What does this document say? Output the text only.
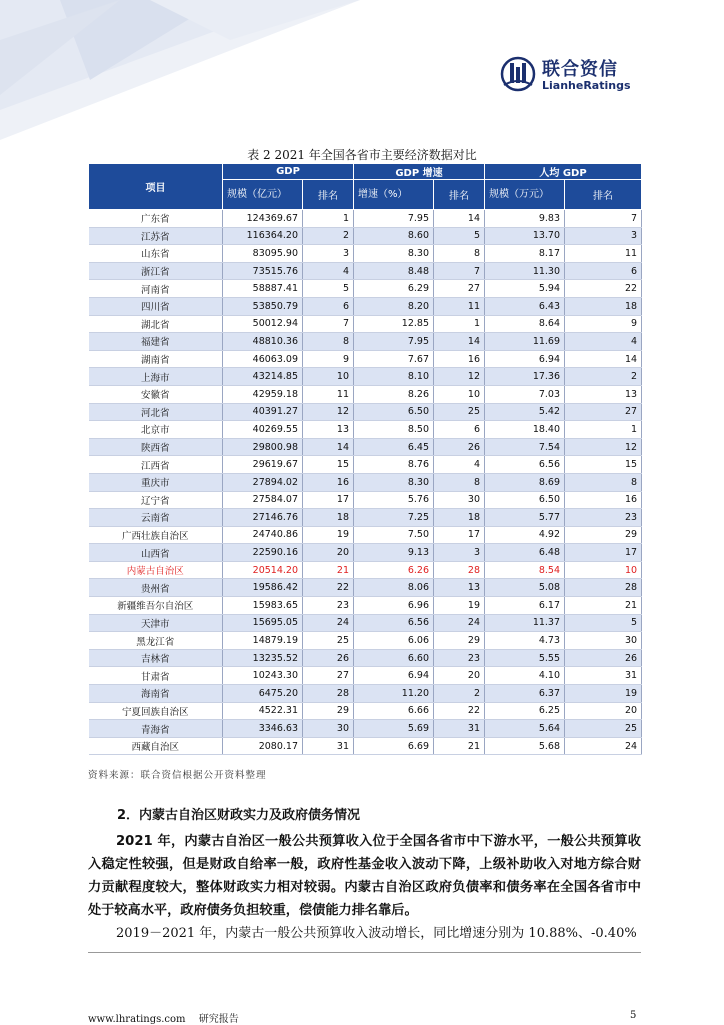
联合资信
LianheRatings
表 2 2021 年全国各省市主要经济数据对比
项目	GDP		GDP 增速		人均 GDP	
	规模（亿元）	排名	增速（%）	排名	规模（万元）	排名
广东省	124369.67	1	7.95	14	9.83	7
江苏省	116364.20	2	8.60	5	13.70	3
山东省	83095.90	3	8.30	8	8.17	11
浙江省	73515.76	4	8.48	7	11.30	6
河南省	58887.41	5	6.29	27	5.94	22
四川省	53850.79	6	8.20	11	6.43	18
湖北省	50012.94	7	12.85	1	8.64	9
福建省	48810.36	8	7.95	14	11.69	4
湖南省	46063.09	9	7.67	16	6.94	14
上海市	43214.85	10	8.10	12	17.36	2
安徽省	42959.18	11	8.26	10	7.03	13
河北省	40391.27	12	6.50	25	5.42	27
北京市	40269.55	13	8.50	6	18.40	1
陕西省	29800.98	14	6.45	26	7.54	12
江西省	29619.67	15	8.76	4	6.56	15
重庆市	27894.02	16	8.30	8	8.69	8
辽宁省	27584.07	17	5.76	30	6.50	16
云南省	27146.76	18	7.25	18	5.77	23
广西壮族自治区	24740.86	19	7.50	17	4.92	29
山西省	22590.16	20	9.13	3	6.48	17
内蒙古自治区	20514.20	21	6.26	28	8.54	10
贵州省	19586.42	22	8.06	13	5.08	28
新疆维吾尔自治区	15983.65	23	6.96	19	6.17	21
天津市	15695.05	24	6.56	24	11.37	5
黑龙江省	14879.19	25	6.06	29	4.73	30
吉林省	13235.52	26	6.60	23	5.55	26
甘肃省	10243.30	27	6.94	20	4.10	31
海南省	6475.20	28	11.20	2	6.37	19
宁夏回族自治区	4522.31	29	6.66	22	6.25	20
青海省	3346.63	30	5.69	31	5.64	25
西藏自治区	2080.17	31	6.69	21	5.68	24
资料来源：联合资信根据公开资料整理
2．内蒙古自治区财政实力及政府债务情况
2021 年，内蒙古自治区一般公共预算收入位于全国各省市中下游水平，一般公共预算收入稳定性较强，但是财政自给率一般，政府性基金收入波动下降，上级补助收入对地方综合财力贡献程度较大，整体财政实力相对较弱。内蒙古自治区政府负债率和债务率在全国各省市中处于较高水平，政府债务负担较重，偿债能力排名靠后。
2019－2021 年，内蒙古一般公共预算收入波动增长，同比增速分别为 10.88%、-0.40%
www.lhratings.com 研究报告	5
